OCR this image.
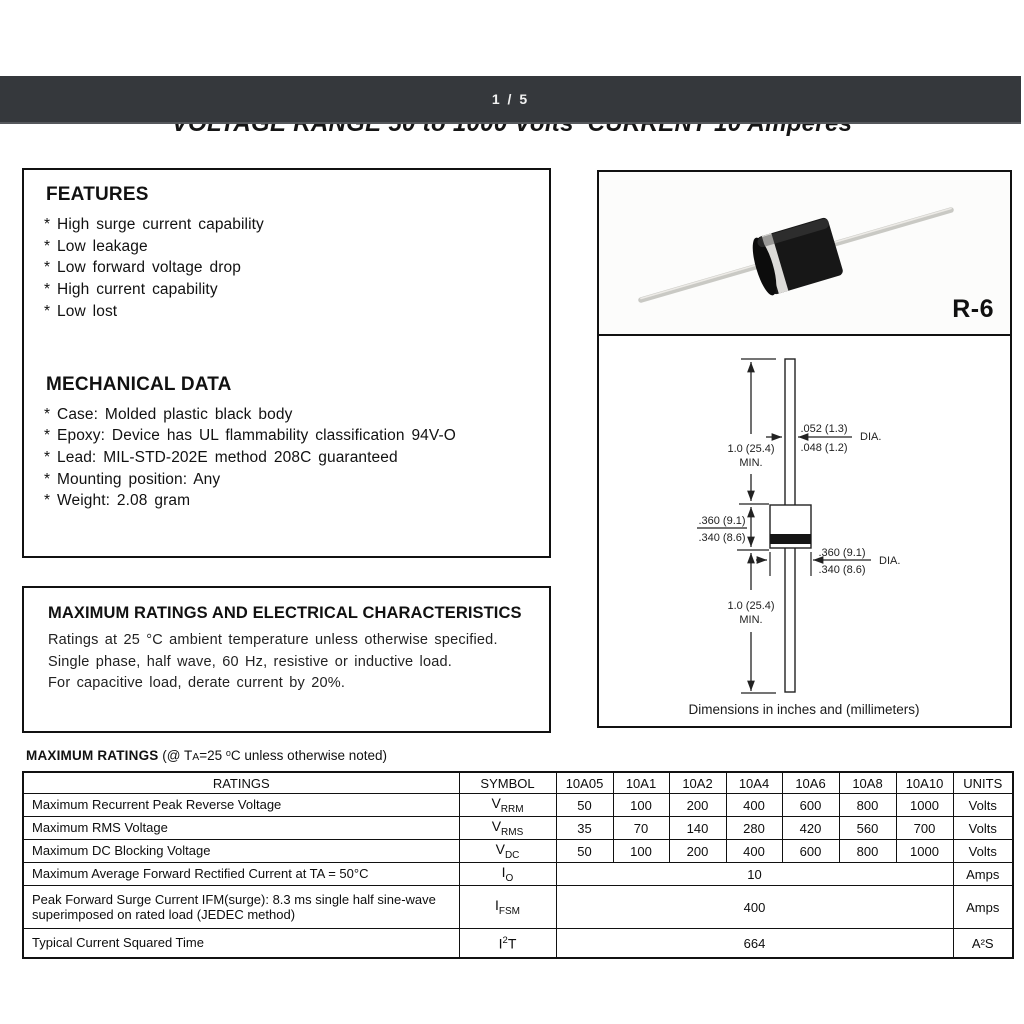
1 / 5
FEATURES
* High surge current capability
* Low leakage
* Low forward voltage drop
* High current capability
* Low lost
MECHANICAL DATA
* Case: Molded plastic black body
* Epoxy: Device has UL flammability classification 94V-O
* Lead: MIL-STD-202E method 208C guaranteed
* Mounting position: Any
* Weight: 2.08 gram
R-6
1.0 (25.4)
MIN.
.052 (1.3)
.048 (1.2)
DIA.
.360 (9.1)
.340 (8.6)
.360 (9.1)
.340 (8.6)
DIA.
1.0 (25.4)
MIN.
Dimensions in inches and (millimeters)
MAXIMUM RATINGS AND ELECTRICAL CHARACTERISTICS
Ratings at 25 °C ambient temperature unless otherwise specified.
Single phase, half wave, 60 Hz, resistive or inductive load.
For capacitive load, derate current by 20%.
MAXIMUM RATINGS (@ TA=25 $^o$C unless otherwise noted)
RATINGS	SYMBOL	10A05	10A1	10A2	10A4	10A6	10A8	10A10	UNITS
Maximum Recurrent Peak Reverse Voltage	$V_{RRM}$	50	100	200	400	600	800	1000	Volts
Maximum RMS Voltage	$V_{RMS}$	35	70	140	280	420	560	700	Volts
Maximum DC Blocking Voltage	$V_{DC}$	50	100	200	400	600	800	1000	Volts
Maximum Average Forward Rectified Current at TA = 50°C	$I_O$	10							Amps
Peak Forward Surge Current IFM(surge): 8.3 ms single half sine-wave superimposed on rated load (JEDEC method)	$I_{FSM}$	400							Amps
Typical Current Squared Time	$I^2T$	664							A²S
